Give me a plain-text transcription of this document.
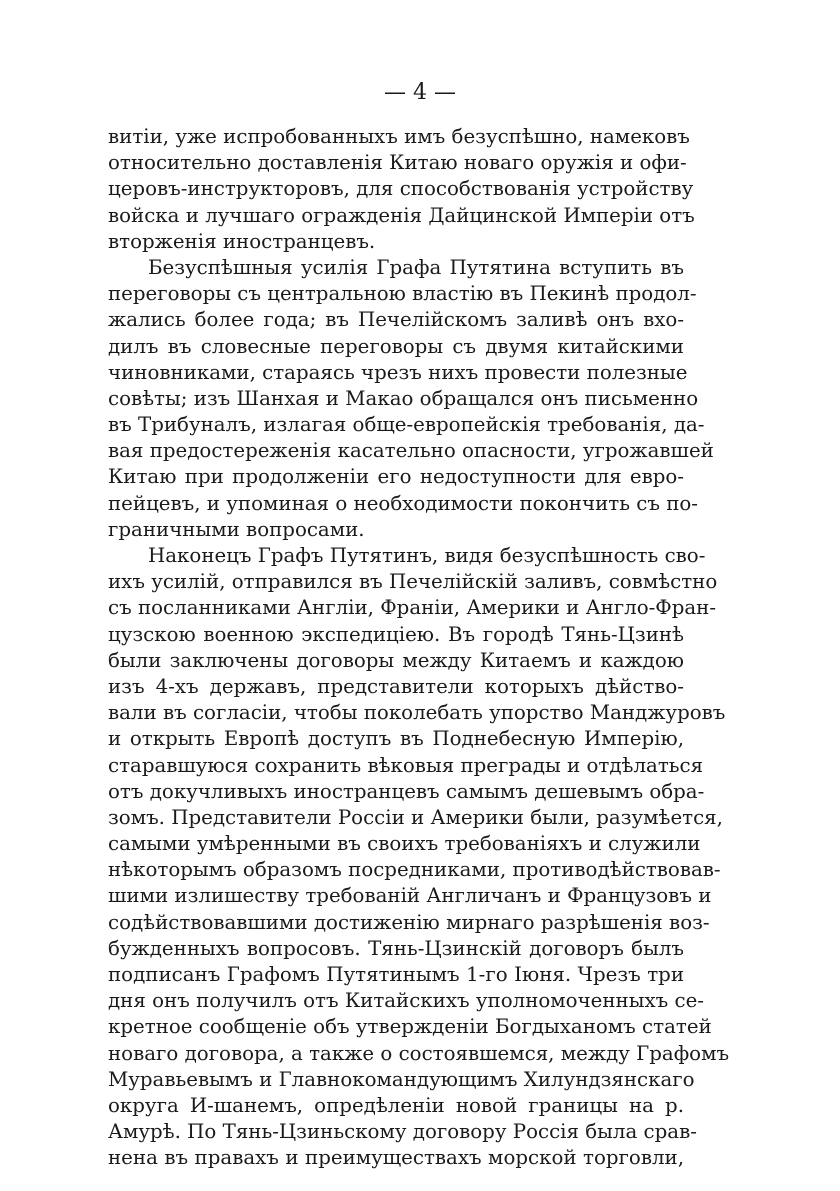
— 4 —
витіи, уже испробованныхъ имъ безуспѣшно, намековъ
относительно доставленія Китаю новаго оружія и офи-
церовъ-инструкторовъ, для способствованія устройству
войска и лучшаго огражденія Дайцинской Имперіи отъ
вторженія иностранцевъ.
Безуспѣшныя усилія Графа Путятина вступить въ
переговоры съ центральною властію въ Пекинѣ продол-
жались более года; въ Печелійскомъ заливѣ онъ вхо-
дилъ въ словесные переговоры съ двумя китайскими
чиновниками, стараясь чрезъ нихъ провести полезные
совѣты; изъ Шанхая и Макао обращался онъ письменно
въ Трибуналъ, излагая обще-европейскія требованія, да-
вая предостереженія касательно опасности, угрожавшей
Китаю при продолженіи его недоступности для евро-
пейцевъ, и упоминая о необходимости покончить съ по-
граничными вопросами.
Наконецъ Графъ Путятинъ, видя безуспѣшность сво-
ихъ усилій, отправился въ Печелійскій заливъ, совмѣстно
съ посланниками Англіи, Франіи, Америки и Англо-Фран-
цузскою военною экспедиціею. Въ городѣ Тянь-Цзинѣ
были заключены договоры между Китаемъ и каждою
изъ 4-хъ державъ, представители которыхъ дѣйство-
вали въ согласіи, чтобы поколебать упорство Манджуровъ
и открыть Европѣ доступъ въ Поднебесную Имперію,
старавшуюся сохранить вѣковыя преграды и отдѣлаться
отъ докучливыхъ иностранцевъ самымъ дешевымъ обра-
зомъ. Представители Россіи и Америки были, разумѣется,
самыми умѣренными въ своихъ требованіяхъ и служили
нѣкоторымъ образомъ посредниками, противодѣйствовав-
шими излишеству требованій Англичанъ и Французовъ и
содѣйствовавшими достиженію мирнаго разрѣшенія воз-
бужденныхъ вопросовъ. Тянь-Цзинскій договоръ былъ
подписанъ Графомъ Путятинымъ 1-го Іюня. Чрезъ три
дня онъ получилъ отъ Китайскихъ уполномоченныхъ се-
кретное сообщеніе объ утвержденіи Богдыханомъ статей
новаго договора, а также о состоявшемся, между Графомъ
Муравьевымъ и Главнокомандующимъ Хилундзянскаго
округа И-шанемъ, опредѣленіи новой границы на р.
Амурѣ. По Тянь-Цзиньскому договору Россія была срав-
нена въ правахъ и преимуществахъ морской торговли,
